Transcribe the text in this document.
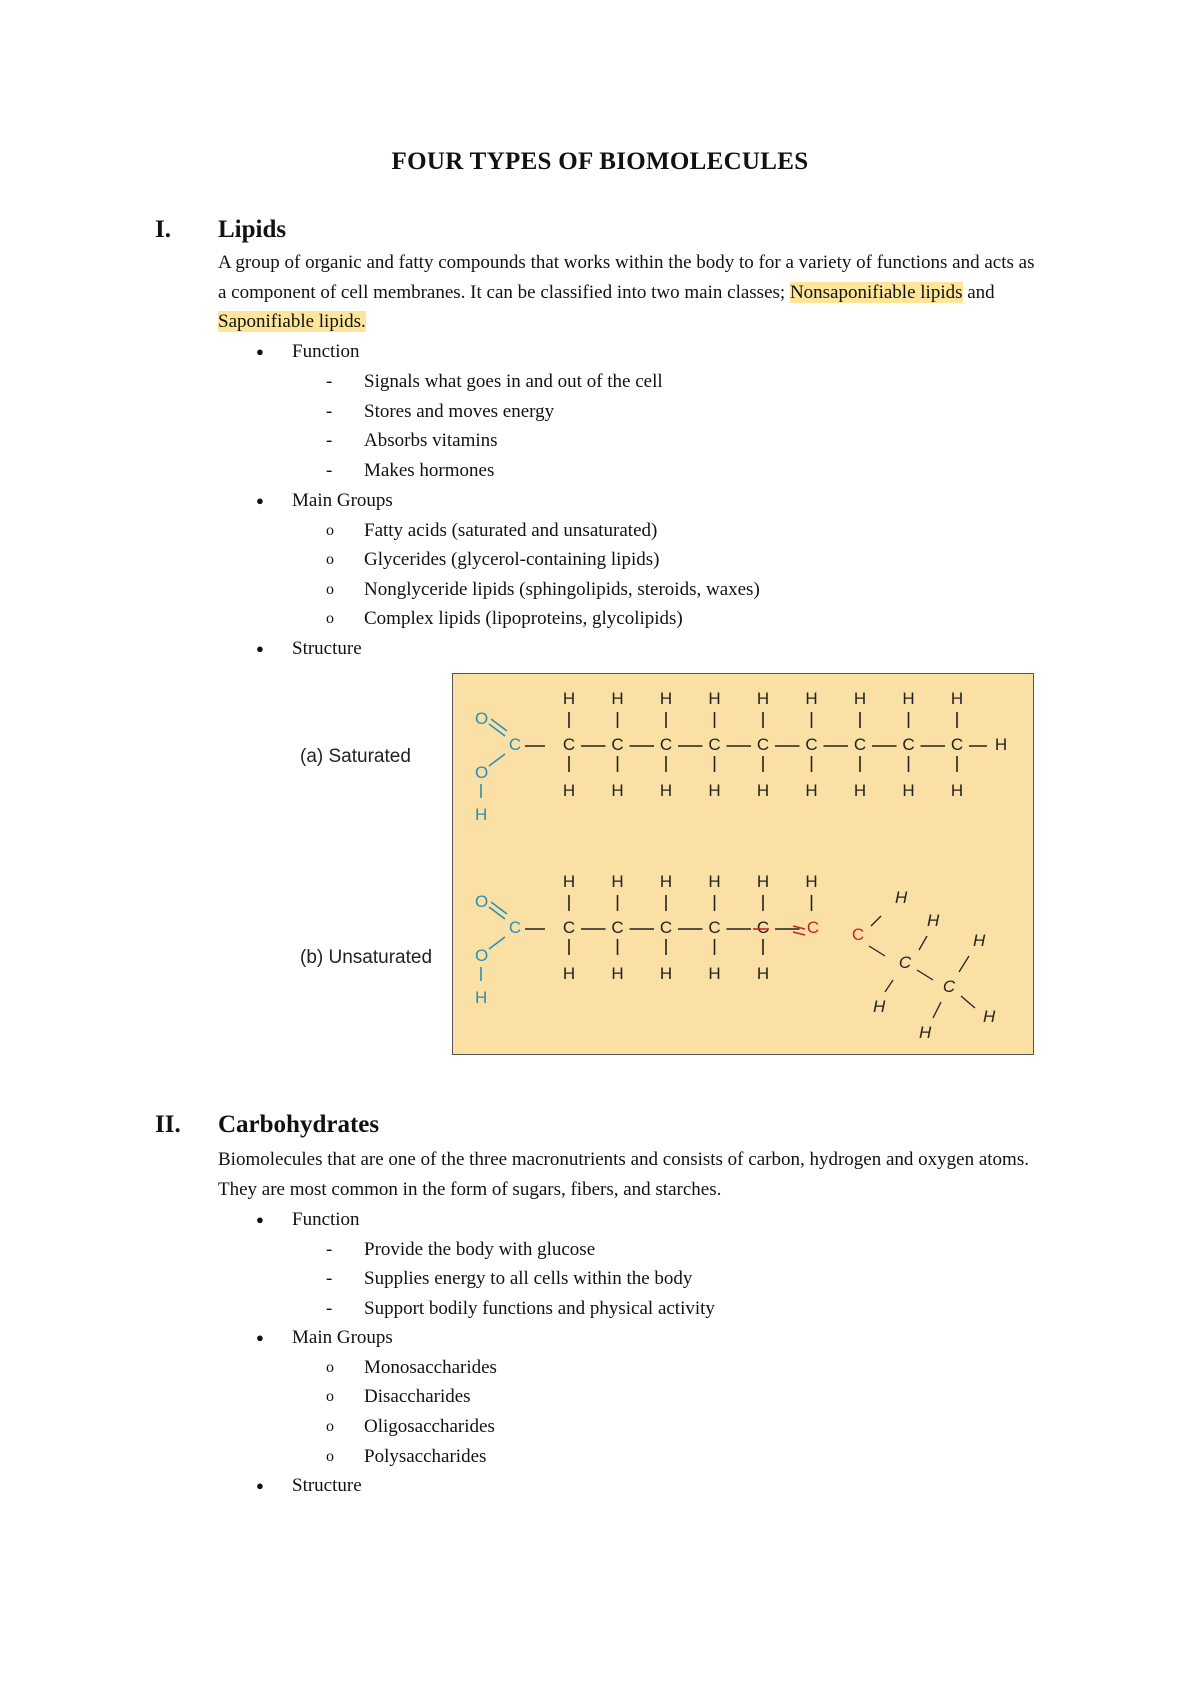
FOUR TYPES OF BIOMOLECULES
I. Lipids
A group of organic and fatty compounds that works within the body to for a variety of functions and acts as a component of cell membranes. It can be classified into two main classes; Nonsaponifiable lipids and Saponifiable lipids.
● Function
- Signals what goes in and out of the cell
- Stores and moves energy
- Absorbs vitamins
- Makes hormones
● Main Groups
o Fatty acids (saturated and unsaturated)
o Glycerides (glycerol-containing lipids)
o Nonglyceride lipids (sphingolipids, steroids, waxes)
o Complex lipids (lipoproteins, glycolipids)
● Structure
(a) Saturated
(b) Unsaturated
O
C
O
H
C
H
H
C
H
H
C
H
H
C
H
H
C
H
H
C
H
H
C
H
H
C
H
H
C
H
H
H
O
C
O
H
C
H
H
C
H
H
C
H
H
C
H
H
C
H
H
H
C C
H
C
H
H
C
H
H
H
II. Carbohydrates
Biomolecules that are one of the three macronutrients and consists of carbon, hydrogen and oxygen atoms. They are most common in the form of sugars, fibers, and starches.
● Function
- Provide the body with glucose
- Supplies energy to all cells within the body
- Support bodily functions and physical activity
● Main Groups
o Monosaccharides
o Disaccharides
o Oligosaccharides
o Polysaccharides
● Structure
